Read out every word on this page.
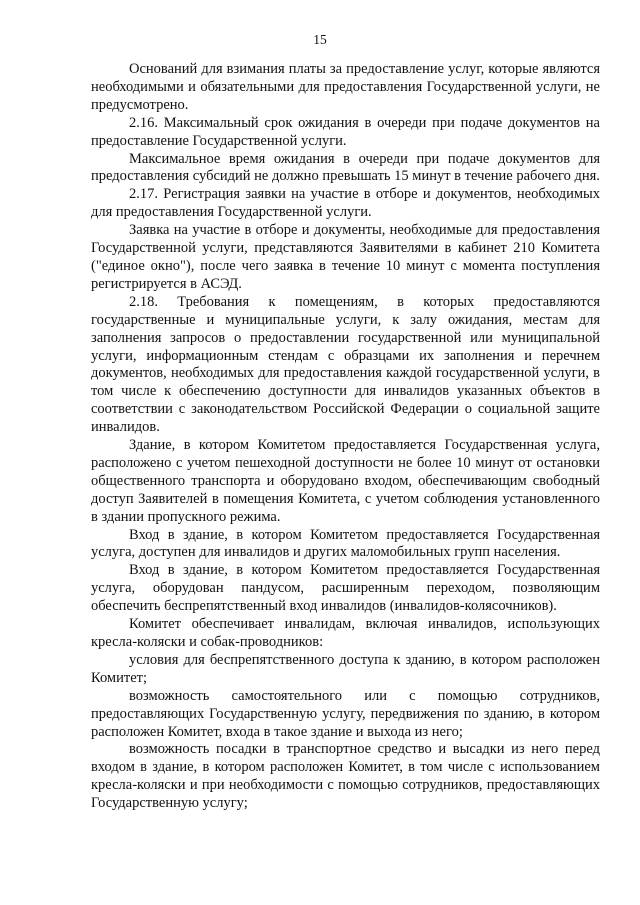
15

Оснований для взимания платы за предоставление услуг, которые являются необходимыми и обязательными для предоставления Государственной услуги, не предусмотрено.

2.16. Максимальный срок ожидания в очереди при подаче документов на предоставление Государственной услуги.

Максимальное время ожидания в очереди при подаче документов для предоставления субсидий не должно превышать 15 минут в течение рабочего дня.

2.17. Регистрация заявки на участие в отборе и документов, необходимых для предоставления Государственной услуги.

Заявка на участие в отборе и документы, необходимые для предоставления Государственной услуги, представляются Заявителями в кабинет 210 Комитета ("единое окно"), после чего заявка в течение 10 минут с момента поступления регистрируется в АСЭД.

2.18. Требования к помещениям, в которых предоставляются государственные и муниципальные услуги, к залу ожидания, местам для заполнения запросов о предоставлении государственной или муниципальной услуги, информационным стендам с образцами их заполнения и перечнем документов, необходимых для предоставления каждой государственной услуги, в том числе к обеспечению доступности для инвалидов указанных объектов в соответствии с законодательством Российской Федерации о социальной защите инвалидов.

Здание, в котором Комитетом предоставляется Государственная услуга, расположено с учетом пешеходной доступности не более 10 минут от остановки общественного транспорта и оборудовано входом, обеспечивающим свободный доступ Заявителей в помещения Комитета, с учетом соблюдения установленного в здании пропускного режима.

Вход в здание, в котором Комитетом предоставляется Государственная услуга, доступен для инвалидов и других маломобильных групп населения.

Вход в здание, в котором Комитетом предоставляется Государственная услуга, оборудован пандусом, расширенным переходом, позволяющим обеспечить беспрепятственный вход инвалидов (инвалидов-колясочников).

Комитет обеспечивает инвалидам, включая инвалидов, использующих кресла-коляски и собак-проводников:

условия для беспрепятственного доступа к зданию, в котором расположен Комитет;

возможность самостоятельного или с помощью сотрудников, предоставляющих Государственную услугу, передвижения по зданию, в котором расположен Комитет, входа в такое здание и выхода из него;

возможность посадки в транспортное средство и высадки из него перед входом в здание, в котором расположен Комитет, в том числе с использованием кресла-коляски и при необходимости с помощью сотрудников, предоставляющих Государственную услугу;
